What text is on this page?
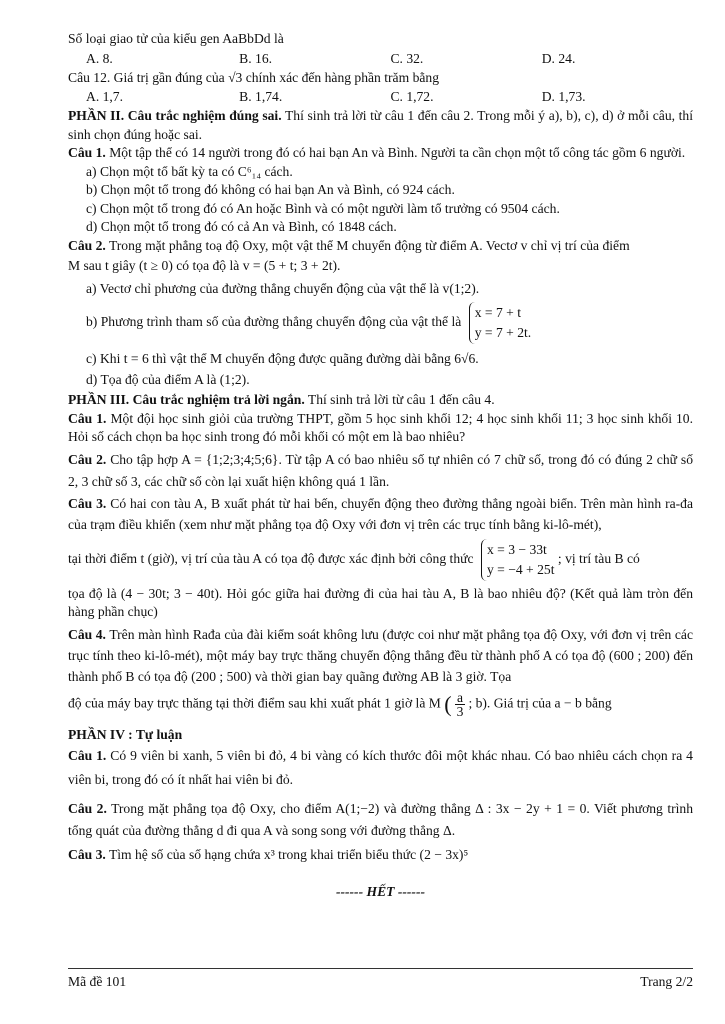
Số loại giao tử của kiểu gen AaBbDd là

A. 8.	B. 16.	C. 32.	D. 24.

Câu 12. Giá trị gần đúng của √3 chính xác đến hàng phần trăm bằng

A. 1,7.	B. 1,74.	C. 1,72.	D. 1,73.

PHẦN II. Câu trắc nghiệm đúng sai. Thí sinh trả lời từ câu 1 đến câu 2. Trong mỗi ý a), b), c), d) ở mỗi câu, thí sinh chọn đúng hoặc sai.

Câu 1. Một tập thể có 14 người trong đó có hai bạn An và Bình. Người ta cần chọn một tổ công tác gồm 6 người.

a) Chọn một tổ bất kỳ ta có C⁶₁₄ cách.

b) Chọn một tổ trong đó không có hai bạn An và Bình, có 924 cách.

c) Chọn một tổ trong đó có An hoặc Bình và có một người làm tổ trưởng có 9504 cách.

d) Chọn một tổ trong đó có cả An và Bình, có 1848 cách.

Câu 2. Trong mặt phẳng toạ độ Oxy, một vật thể M chuyển động từ điểm A. Vectơ v chỉ vị trí của điểm

M sau t giây (t ≥ 0) có tọa độ là v = (5 + t; 3 + 2t).

a) Vectơ chỉ phương của đường thẳng chuyển động của vật thể là v(1;2).

b) Phương trình tham số của đường thẳng chuyển động của vật thể là
x = 7 + t
y = 7 + 2t.

c) Khi t = 6 thì vật thể M chuyển động được quãng đường dài bằng 6√6.

d) Tọa độ của điểm A là (1;2).

PHẦN III. Câu trắc nghiệm trả lời ngắn. Thí sinh trả lời từ câu 1 đến câu 4.

Câu 1. Một đội học sinh giỏi của trường THPT, gồm 5 học sinh khối 12; 4 học sinh khối 11; 3 học sinh khối 10. Hỏi số cách chọn ba học sinh trong đó mỗi khối có một em là bao nhiêu?

Câu 2. Cho tập hợp A = {1;2;3;4;5;6}. Từ tập A có bao nhiêu số tự nhiên có 7 chữ số, trong đó có đúng 2 chữ số 2, 3 chữ số 3, các chữ số còn lại xuất hiện không quá 1 lần.

Câu 3. Có hai con tàu A, B xuất phát từ hai bến, chuyển động theo đường thẳng ngoài biển. Trên màn hình ra-đa của trạm điều khiển (xem như mặt phẳng tọa độ Oxy với đơn vị trên các trục tính bằng ki-lô-mét),

tại thời điểm t (giờ), vị trí của tàu A có tọa độ được xác định bởi công thức
x = 3 − 33t
y = −4 + 25t
; vị trí tàu B có

tọa độ là (4 − 30t; 3 − 40t). Hỏi góc giữa hai đường đi của hai tàu A, B là bao nhiêu độ? (Kết quả làm tròn đến hàng phần chục)

Câu 4. Trên màn hình Rađa của đài kiểm soát không lưu (được coi như mặt phẳng tọa độ Oxy, với đơn vị trên các trục tính theo ki-lô-mét), một máy bay trực thăng chuyển động thẳng đều từ thành phố A có tọa độ (600 ; 200) đến thành phố B có tọa độ (200 ; 500) và thời gian bay quãng đường AB là 3 giờ. Tọa

độ của máy bay trực thăng tại thời điểm sau khi xuất phát 1 giờ là M ( $\frac{a}{3}$ ; b). Giá trị của a − b bằng

PHẦN IV : Tự luận

Câu 1. Có 9 viên bi xanh, 5 viên bi đỏ, 4 bi vàng có kích thước đôi một khác nhau. Có bao nhiêu cách chọn ra 4 viên bi, trong đó có ít nhất hai viên bi đỏ.

Câu 2. Trong mặt phẳng tọa độ Oxy, cho điểm A(1;−2) và đường thẳng Δ : 3x − 2y + 1 = 0. Viết phương trình tổng quát của đường thẳng d đi qua A và song song với đường thẳng Δ.

Câu 3. Tìm hệ số của số hạng chứa x³ trong khai triển biểu thức (2 − 3x)⁵

------ HẾT ------

Mã đề 101	Trang 2/2
